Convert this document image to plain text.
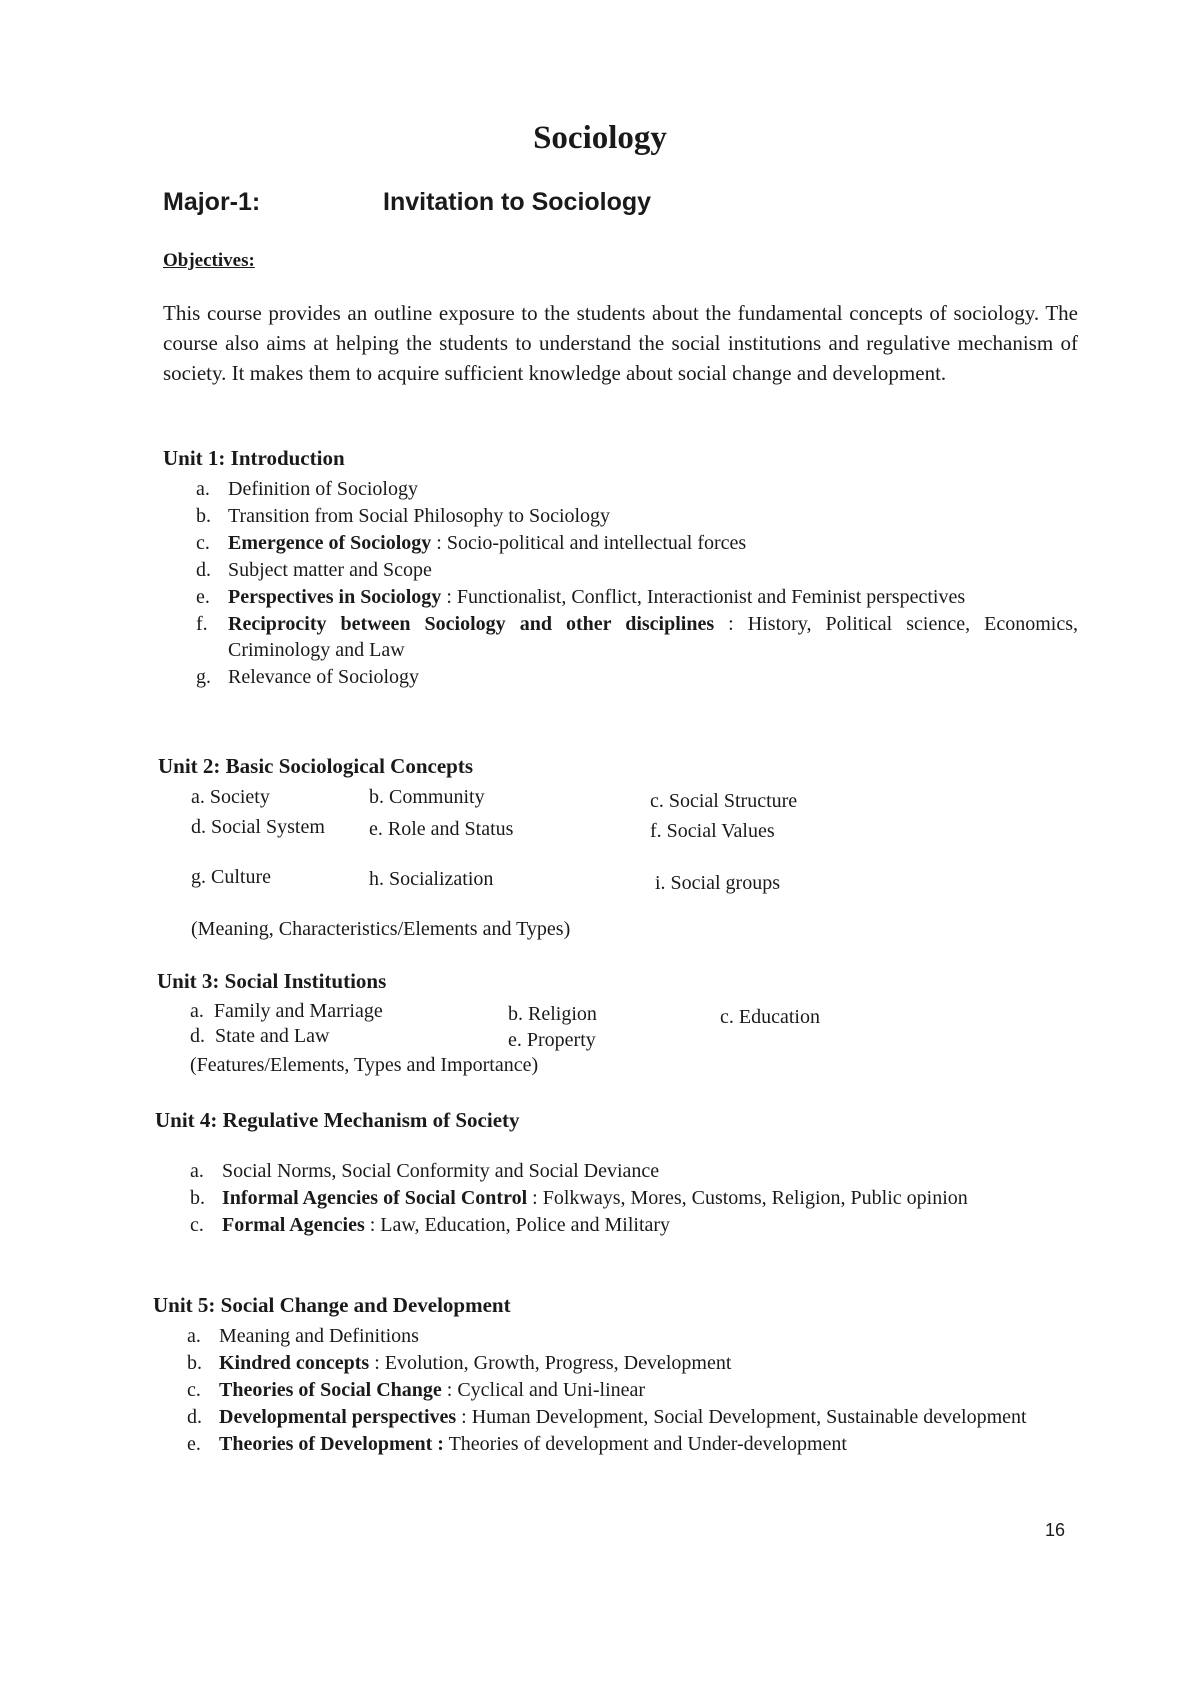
Sociology
Major-1:	Invitation to Sociology
Objectives:
This course provides an outline exposure to the students about the fundamental concepts of sociology. The course also aims at helping the students to understand the social institutions and regulative mechanism of society. It makes them to acquire sufficient knowledge about social change and development.
Unit 1: Introduction
a. Definition of Sociology
b. Transition from Social Philosophy to Sociology
c. Emergence of Sociology : Socio-political and intellectual forces
d. Subject matter and Scope
e. Perspectives in Sociology : Functionalist, Conflict, Interactionist and Feminist perspectives
f.	Reciprocity between Sociology and other disciplines : History, Political science, Economics, Criminology and Law
g. Relevance of Sociology
Unit 2: Basic Sociological Concepts
a. Society	b. Community	c. Social Structure
d. Social System e. Role and Status	f. Social Values
g. Culture	h. Socialization	i. Social groups
(Meaning, Characteristics/Elements and Types)
Unit 3: Social Institutions
a.  Family and Marriage	b. Religion	c. Education
d.  State and Law	e. Property
(Features/Elements, Types and Importance)
Unit 4: Regulative Mechanism of Society
a. Social Norms, Social Conformity and Social Deviance
b. Informal Agencies of Social Control : Folkways, Mores, Customs, Religion, Public opinion
c. Formal Agencies : Law, Education, Police and Military
Unit 5: Social Change and Development
a. Meaning and Definitions
b. Kindred concepts : Evolution, Growth, Progress, Development
c. Theories of Social Change : Cyclical and Uni-linear
d. Developmental perspectives : Human Development, Social Development, Sustainable development
e. Theories of Development : Theories of development and Under-development
16
